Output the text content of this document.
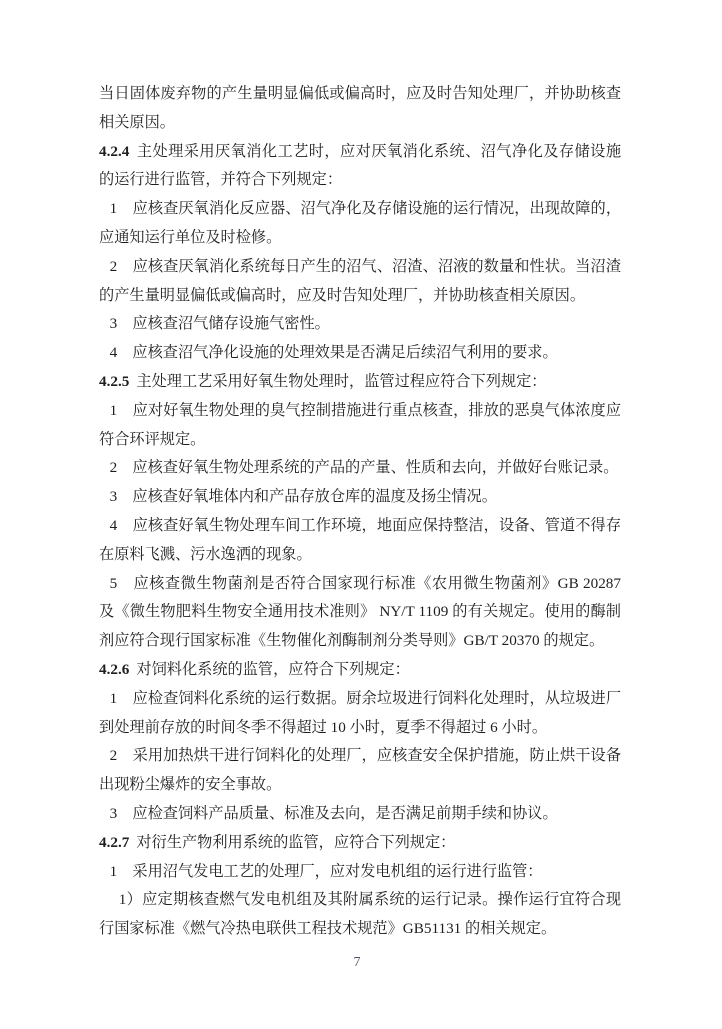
当日固体废弃物的产生量明显偏低或偏高时，应及时告知处理厂，并协助核查相关原因。

4.2.4 主处理采用厌氧消化工艺时，应对厌氧消化系统、沼气净化及存储设施的运行进行监管，并符合下列规定：

1　应核查厌氧消化反应器、沼气净化及存储设施的运行情况，出现故障的，应通知运行单位及时检修。

2　应核查厌氧消化系统每日产生的沼气、沼渣、沼液的数量和性状。当沼渣的产生量明显偏低或偏高时，应及时告知处理厂，并协助核查相关原因。

3　应核查沼气储存设施气密性。

4　应核查沼气净化设施的处理效果是否满足后续沼气利用的要求。

4.2.5 主处理工艺采用好氧生物处理时，监管过程应符合下列规定：

1　应对好氧生物处理的臭气控制措施进行重点核查，排放的恶臭气体浓度应符合环评规定。

2　应核查好氧生物处理系统的产品的产量、性质和去向，并做好台账记录。

3　应核查好氧堆体内和产品存放仓库的温度及扬尘情况。

4　应核查好氧生物处理车间工作环境，地面应保持整洁，设备、管道不得存在原料飞溅、污水逸洒的现象。

5　应核查微生物菌剂是否符合国家现行标准《农用微生物菌剂》GB 20287 及《微生物肥料生物安全通用技术准则》 NY/T 1109 的有关规定。使用的酶制剂应符合现行国家标准《生物催化剂酶制剂分类导则》GB/T 20370 的规定。

4.2.6 对饲料化系统的监管，应符合下列规定：

1　应检查饲料化系统的运行数据。厨余垃圾进行饲料化处理时，从垃圾进厂到处理前存放的时间冬季不得超过 10 小时，夏季不得超过 6 小时。

2　采用加热烘干进行饲料化的处理厂，应核查安全保护措施，防止烘干设备出现粉尘爆炸的安全事故。

3　应检查饲料产品质量、标准及去向，是否满足前期手续和协议。

4.2.7 对衍生产物利用系统的监管，应符合下列规定：

1　采用沼气发电工艺的处理厂，应对发电机组的运行进行监管：

1）应定期核查燃气发电机组及其附属系统的运行记录。操作运行宜符合现行国家标准《燃气冷热电联供工程技术规范》GB51131 的相关规定。

7
